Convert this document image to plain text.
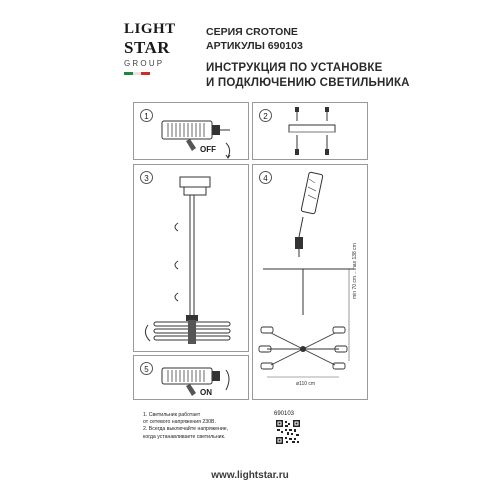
LIGHT
STAR
GROUP
СЕРИЯ CROTONE
АРТИКУЛЫ 690103
ИНСТРУКЦИЯ ПО УСТАНОВКЕ
И ПОДКЛЮЧЕНИЮ СВЕТИЛЬНИКА
1
OFF
2
3	4
min 70 cm....max 138 cm
ø110 cm
5
ON
1. Светильник работает
от сетевого напряжения 230В.
2. Всегда выключайте напряжение,
когда устанавливаете светильник.
690103
www.lightstar.ru
